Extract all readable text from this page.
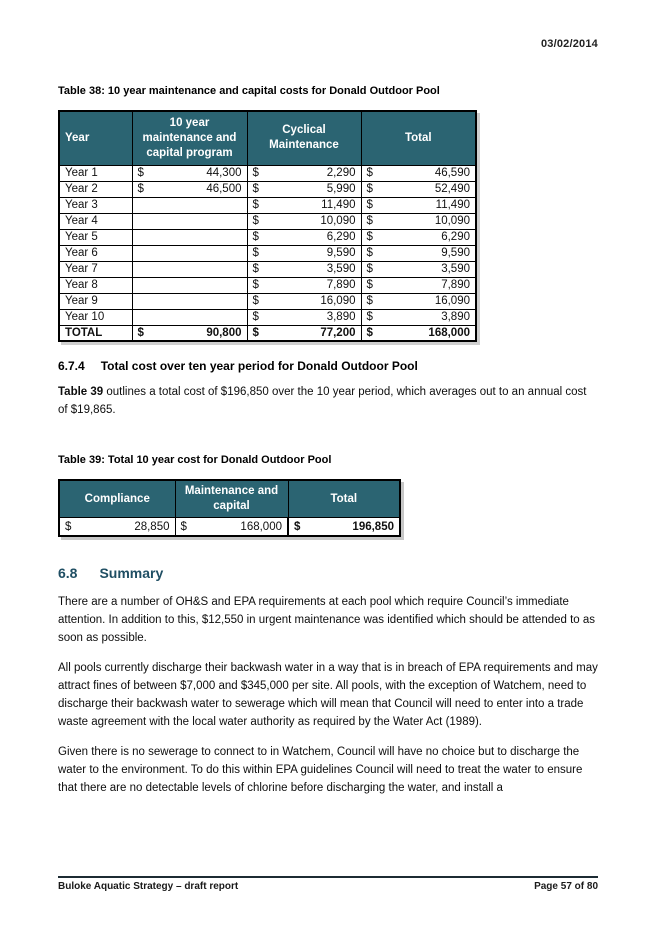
03/02/2014
Table 38: 10 year maintenance and capital costs for Donald Outdoor Pool
Year	10 year maintenance and capital program	Cyclical Maintenance	Total
Year 1	$ 44,300	$ 2,290	$ 46,590
Year 2	$ 46,500	$ 5,990	$ 52,490
Year 3		$ 11,490	$ 11,490
Year 4		$ 10,090	$ 10,090
Year 5		$ 6,290	$ 6,290
Year 6		$ 9,590	$ 9,590
Year 7		$ 3,590	$ 3,590
Year 8		$ 7,890	$ 7,890
Year 9		$ 16,090	$ 16,090
Year 10		$ 3,890	$ 3,890
TOTAL	$ 90,800	$ 77,200	$ 168,000
6.7.4 Total cost over ten year period for Donald Outdoor Pool
Table 39 outlines a total cost of $196,850 over the 10 year period, which averages out to an annual cost of $19,865.
Table 39: Total 10 year cost for Donald Outdoor Pool
Compliance	Maintenance and capital	Total

$ 28,850	$ 168,000	$ 196,850
6.8 Summary
There are a number of OH&S and EPA requirements at each pool which require Council’s immediate attention. In addition to this, $12,550 in urgent maintenance was identified which should be attended to as soon as possible.
All pools currently discharge their backwash water in a way that is in breach of EPA requirements and may attract fines of between $7,000 and $345,000 per site. All pools, with the exception of Watchem, need to discharge their backwash water to sewerage which will mean that Council will need to enter into a trade waste agreement with the local water authority as required by the Water Act (1989).
Given there is no sewerage to connect to in Watchem, Council will have no choice but to discharge the water to the environment. To do this within EPA guidelines Council will need to treat the water to ensure that there are no detectable levels of chlorine before discharging the water, and install a
Buloke Aquatic Strategy – draft report	Page 57 of 80
